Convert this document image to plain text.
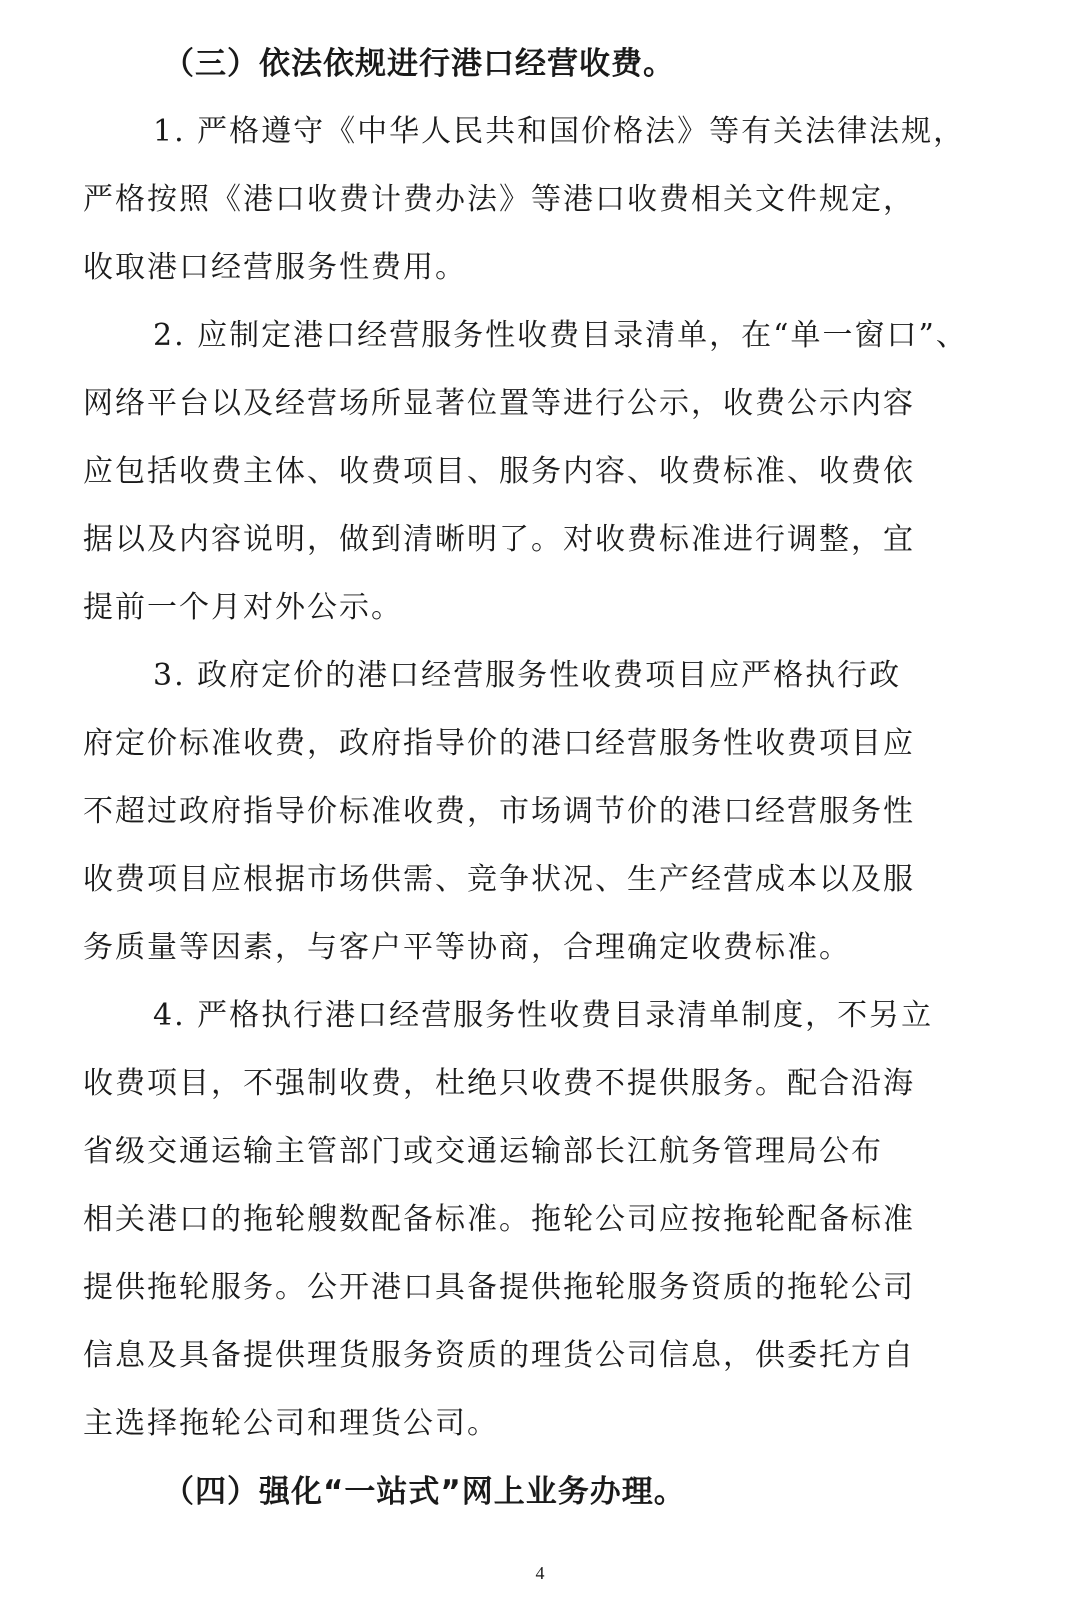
（三）依法依规进行港口经营收费。
1. 严格遵守《中华人民共和国价格法》等有关法律法规，
严格按照《港口收费计费办法》等港口收费相关文件规定，
收取港口经营服务性费用。
2. 应制定港口经营服务性收费目录清单，在“单一窗口”、
网络平台以及经营场所显著位置等进行公示，收费公示内容
应包括收费主体、收费项目、服务内容、收费标准、收费依
据以及内容说明，做到清晰明了。对收费标准进行调整，宜
提前一个月对外公示。
3. 政府定价的港口经营服务性收费项目应严格执行政
府定价标准收费，政府指导价的港口经营服务性收费项目应
不超过政府指导价标准收费，市场调节价的港口经营服务性
收费项目应根据市场供需、竞争状况、生产经营成本以及服
务质量等因素，与客户平等协商，合理确定收费标准。
4. 严格执行港口经营服务性收费目录清单制度，不另立
收费项目，不强制收费，杜绝只收费不提供服务。配合沿海
省级交通运输主管部门或交通运输部长江航务管理局公布
相关港口的拖轮艘数配备标准。拖轮公司应按拖轮配备标准
提供拖轮服务。公开港口具备提供拖轮服务资质的拖轮公司
信息及具备提供理货服务资质的理货公司信息，供委托方自
主选择拖轮公司和理货公司。
（四）强化“一站式”网上业务办理。
4
